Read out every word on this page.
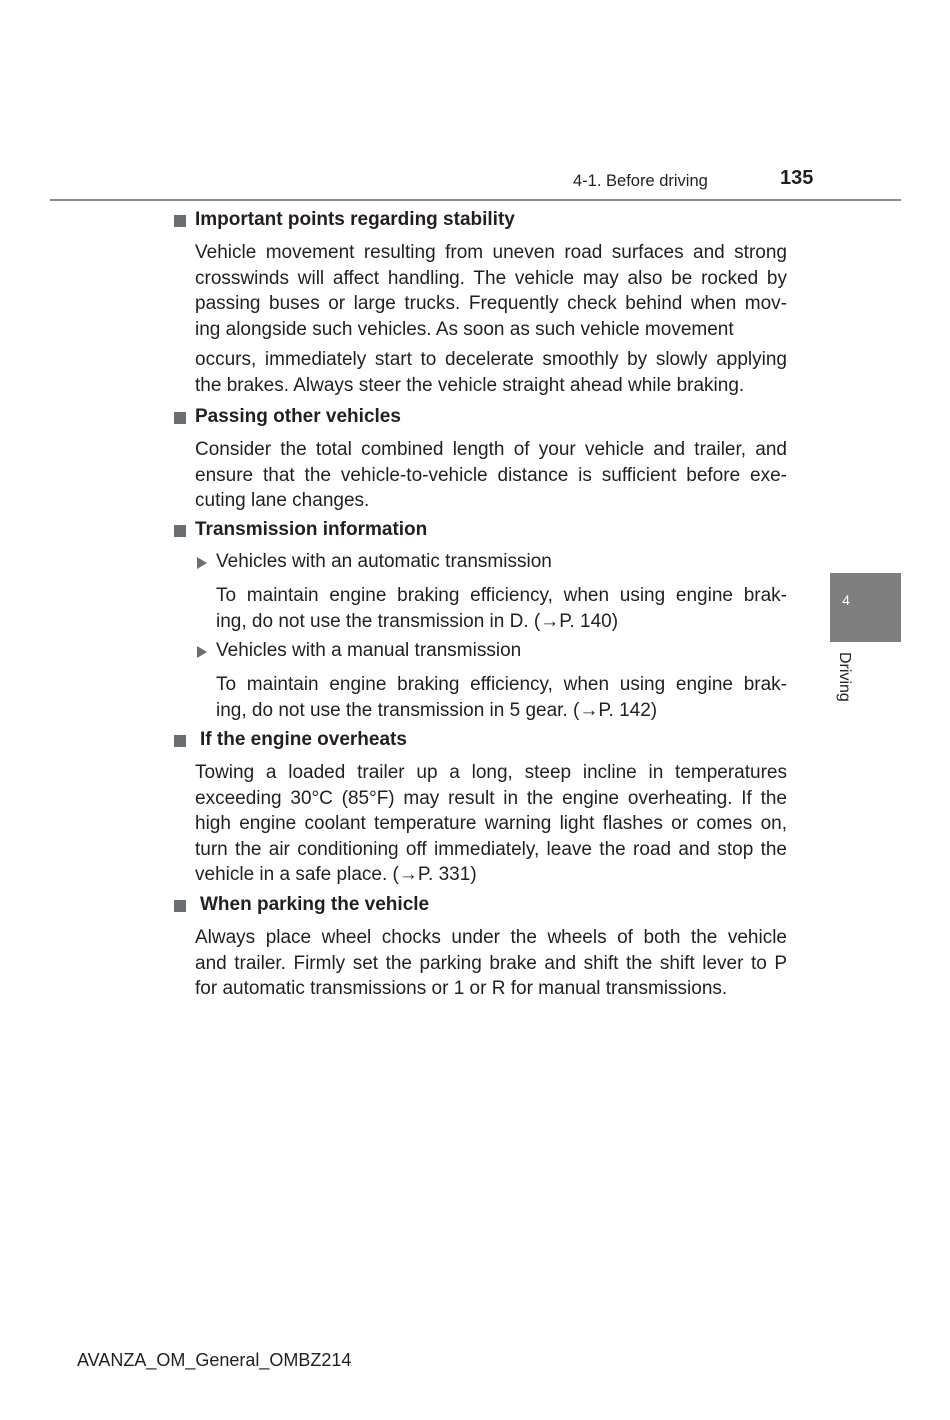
4-1. Before driving	135
4
Driving
Important points regarding stability
Vehicle movement resulting from uneven road surfaces and strong
crosswinds will affect handling. The vehicle may also be rocked by
passing buses or large trucks. Frequently check behind when mov-
ing alongside such vehicles. As soon as such vehicle movement
occurs, immediately start to decelerate smoothly by slowly applying
the brakes. Always steer the vehicle straight ahead while braking.
Passing other vehicles
Consider the total combined length of your vehicle and trailer, and
ensure that the vehicle-to-vehicle distance is sufficient before exe-
cuting lane changes.
Transmission information
Vehicles with an automatic transmission
To maintain engine braking efficiency, when using engine brak-
ing, do not use the transmission in D. (→P. 140)
Vehicles with a manual transmission
To maintain engine braking efficiency, when using engine brak-
ing, do not use the transmission in 5 gear. (→P. 142)
If the engine overheats
Towing a loaded trailer up a long, steep incline in temperatures
exceeding 30°C (85°F) may result in the engine overheating. If the
high engine coolant temperature warning light flashes or comes on,
turn the air conditioning off immediately, leave the road and stop the
vehicle in a safe place. (→P. 331)
When parking the vehicle
Always place wheel chocks under the wheels of both the vehicle
and trailer. Firmly set the parking brake and shift the shift lever to P
for automatic transmissions or 1 or R for manual transmissions.
AVANZA_OM_General_OMBZ214
